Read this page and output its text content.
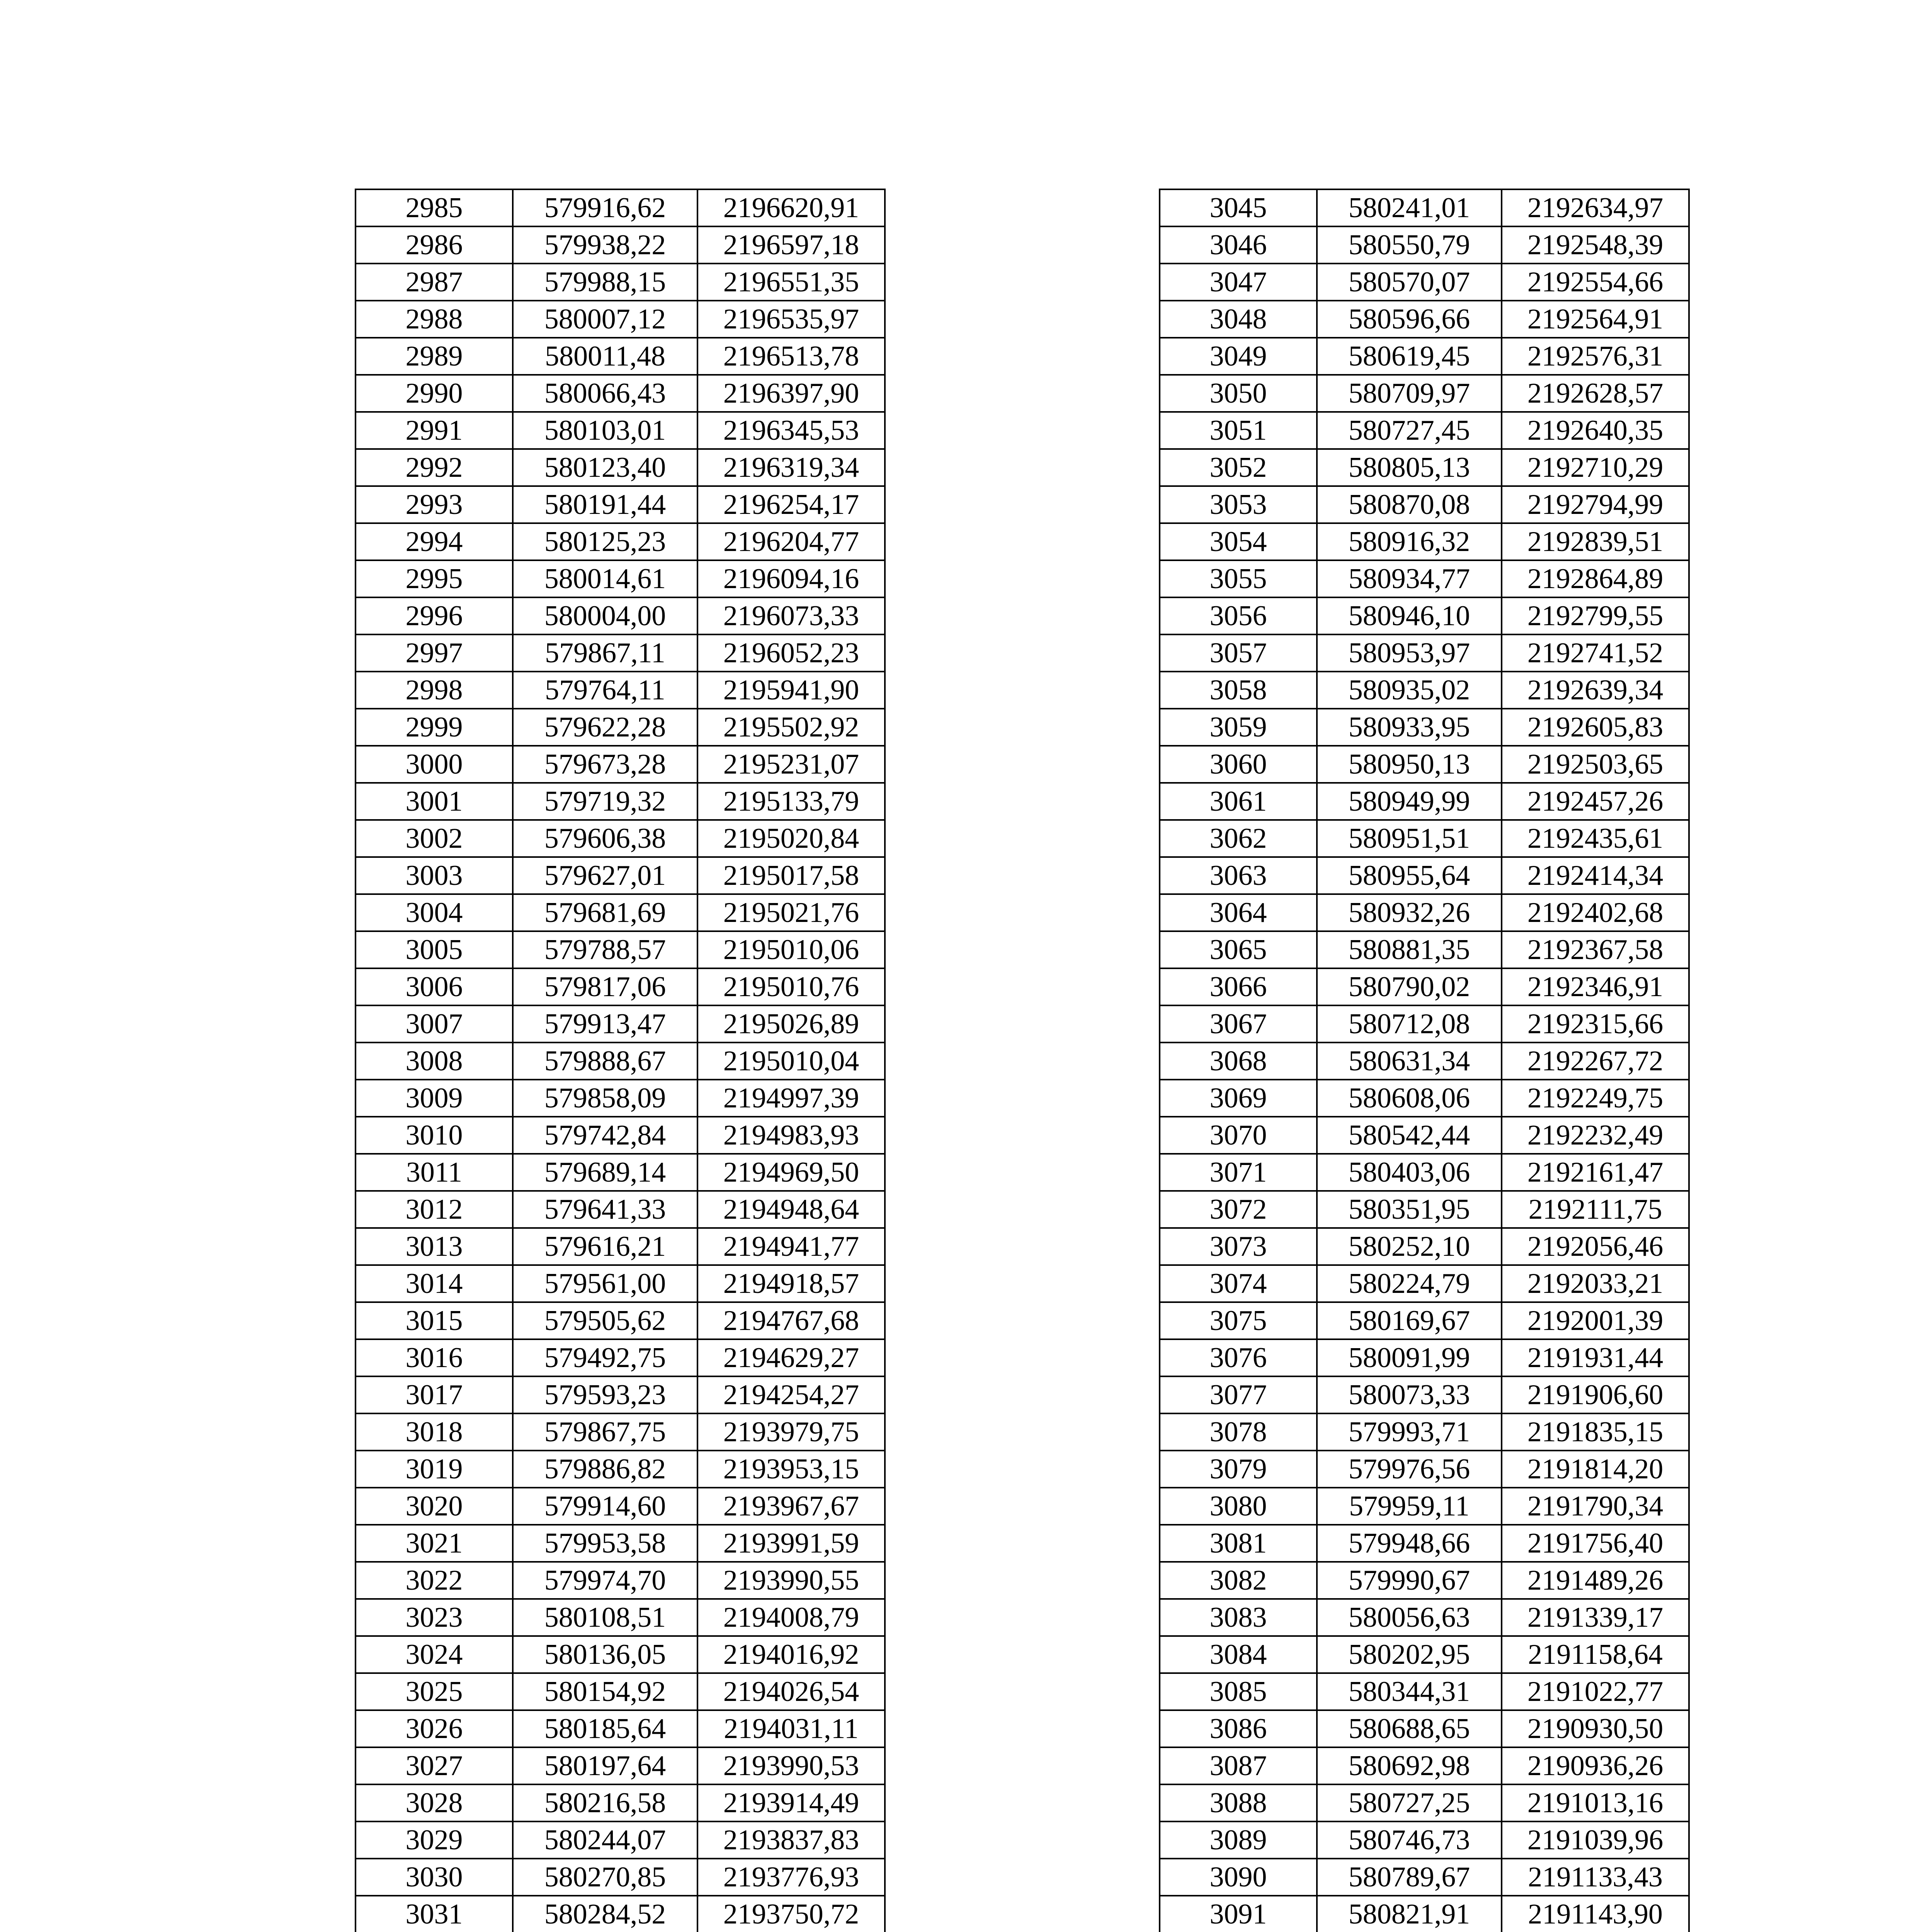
2985	579916,62	2196620,91
2986	579938,22	2196597,18
2987	579988,15	2196551,35
2988	580007,12	2196535,97
2989	580011,48	2196513,78
2990	580066,43	2196397,90
2991	580103,01	2196345,53
2992	580123,40	2196319,34
2993	580191,44	2196254,17
2994	580125,23	2196204,77
2995	580014,61	2196094,16
2996	580004,00	2196073,33
2997	579867,11	2196052,23
2998	579764,11	2195941,90
2999	579622,28	2195502,92
3000	579673,28	2195231,07
3001	579719,32	2195133,79
3002	579606,38	2195020,84
3003	579627,01	2195017,58
3004	579681,69	2195021,76
3005	579788,57	2195010,06
3006	579817,06	2195010,76
3007	579913,47	2195026,89
3008	579888,67	2195010,04
3009	579858,09	2194997,39
3010	579742,84	2194983,93
3011	579689,14	2194969,50
3012	579641,33	2194948,64
3013	579616,21	2194941,77
3014	579561,00	2194918,57
3015	579505,62	2194767,68
3016	579492,75	2194629,27
3017	579593,23	2194254,27
3018	579867,75	2193979,75
3019	579886,82	2193953,15
3020	579914,60	2193967,67
3021	579953,58	2193991,59
3022	579974,70	2193990,55
3023	580108,51	2194008,79
3024	580136,05	2194016,92
3025	580154,92	2194026,54
3026	580185,64	2194031,11
3027	580197,64	2193990,53
3028	580216,58	2193914,49
3029	580244,07	2193837,83
3030	580270,85	2193776,93
3031	580284,52	2193750,72

3045	580241,01	2192634,97
3046	580550,79	2192548,39
3047	580570,07	2192554,66
3048	580596,66	2192564,91
3049	580619,45	2192576,31
3050	580709,97	2192628,57
3051	580727,45	2192640,35
3052	580805,13	2192710,29
3053	580870,08	2192794,99
3054	580916,32	2192839,51
3055	580934,77	2192864,89
3056	580946,10	2192799,55
3057	580953,97	2192741,52
3058	580935,02	2192639,34
3059	580933,95	2192605,83
3060	580950,13	2192503,65
3061	580949,99	2192457,26
3062	580951,51	2192435,61
3063	580955,64	2192414,34
3064	580932,26	2192402,68
3065	580881,35	2192367,58
3066	580790,02	2192346,91
3067	580712,08	2192315,66
3068	580631,34	2192267,72
3069	580608,06	2192249,75
3070	580542,44	2192232,49
3071	580403,06	2192161,47
3072	580351,95	2192111,75
3073	580252,10	2192056,46
3074	580224,79	2192033,21
3075	580169,67	2192001,39
3076	580091,99	2191931,44
3077	580073,33	2191906,60
3078	579993,71	2191835,15
3079	579976,56	2191814,20
3080	579959,11	2191790,34
3081	579948,66	2191756,40
3082	579990,67	2191489,26
3083	580056,63	2191339,17
3084	580202,95	2191158,64
3085	580344,31	2191022,77
3086	580688,65	2190930,50
3087	580692,98	2190936,26
3088	580727,25	2191013,16
3089	580746,73	2191039,96
3090	580789,67	2191133,43
3091	580821,91	2191143,90
